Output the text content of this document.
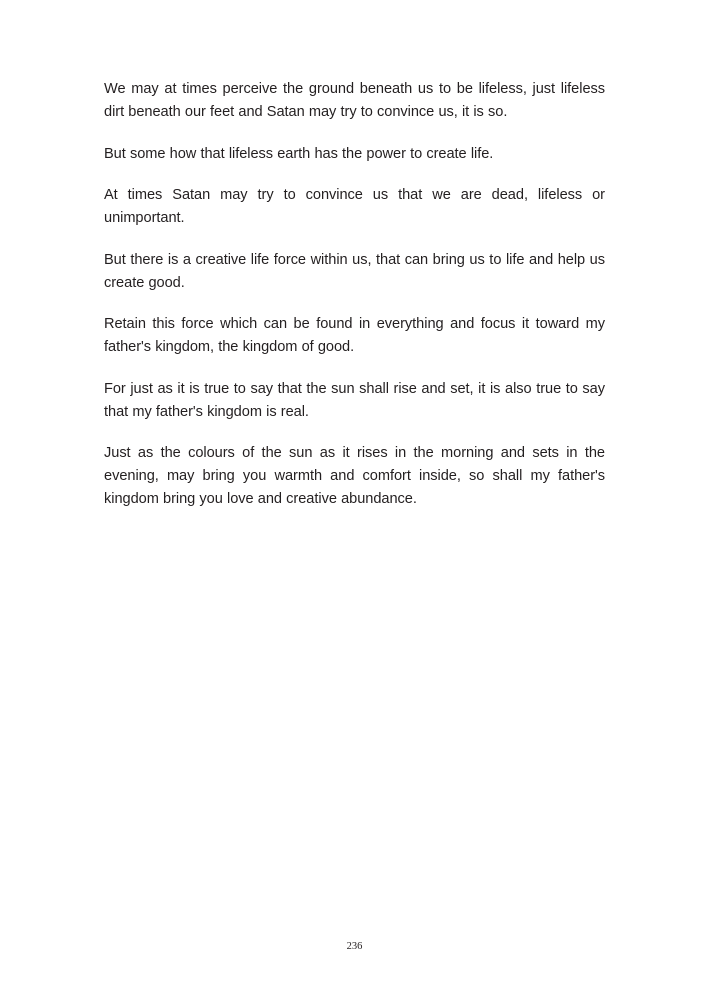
We may at times perceive the ground beneath us to be lifeless, just lifeless dirt beneath our feet and Satan may try to convince us, it is so.

But some how that lifeless earth has the power to create life.

At times Satan may try to convince us that we are dead, lifeless or unimportant.

But there is a creative life force within us, that can bring us to life and help us create good.

Retain this force which can be found in everything and focus it toward my father's kingdom, the kingdom of good.

For just as it is true to say that the sun shall rise and set, it is also true to say that my father's kingdom is real.

Just as the colours of the sun as it rises in the morning and sets in the evening, may bring you warmth and comfort inside, so shall my father's kingdom bring you love and creative abundance.

236
